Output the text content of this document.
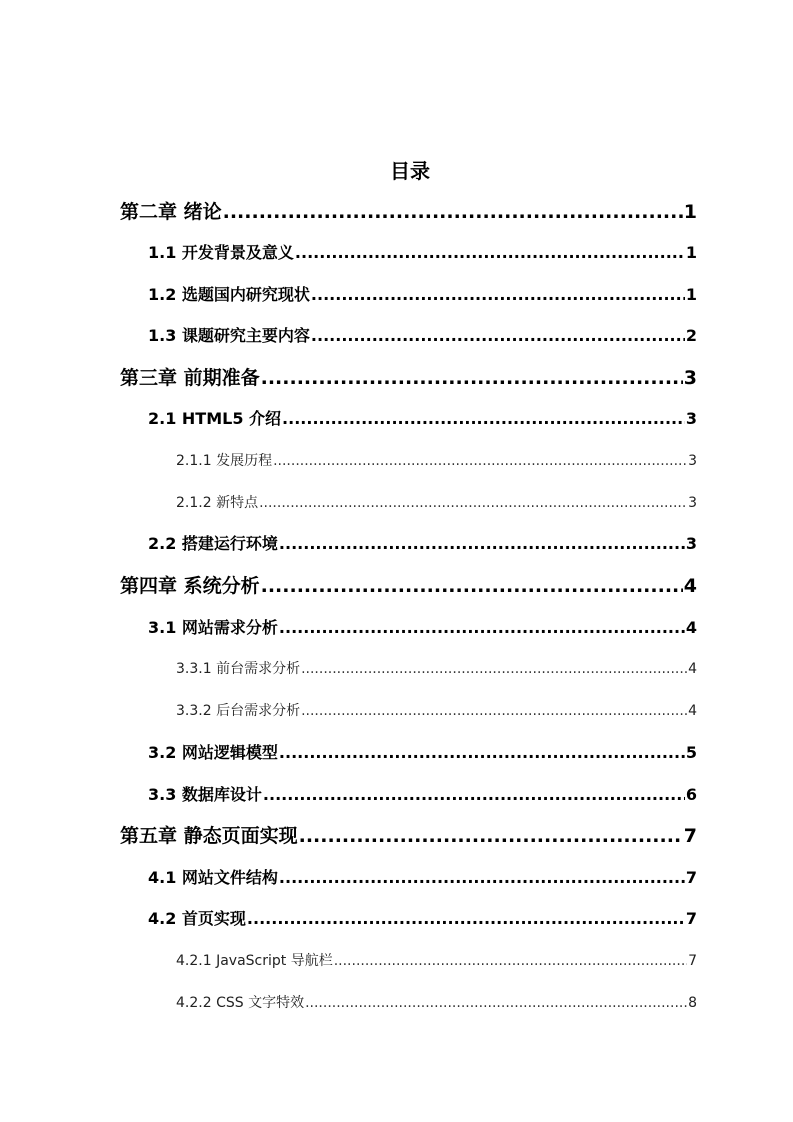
目录
第二章 绪论 .....	1
1.1 开发背景及意义 .....	1
1.2 选题国内研究现状 .....	1
1.3 课题研究主要内容 .....	2
第三章 前期准备 .....	3
2.1 HTML5 介绍 .....	3
2.1.1 发展历程 .....	3
2.1.2 新特点 .....	3
2.2 搭建运行环境 .....	3
第四章 系统分析 .....	4
3.1 网站需求分析 .....	4
3.3.1 前台需求分析 .....	4
3.3.2 后台需求分析 .....	4
3.2 网站逻辑模型 .....	5
3.3 数据库设计 .....	6
第五章 静态页面实现 .....	7
4.1 网站文件结构 .....	7
4.2 首页实现 .....	7
4.2.1 JavaScript 导航栏 .....	7
4.2.2 CSS 文字特效 .....	8
